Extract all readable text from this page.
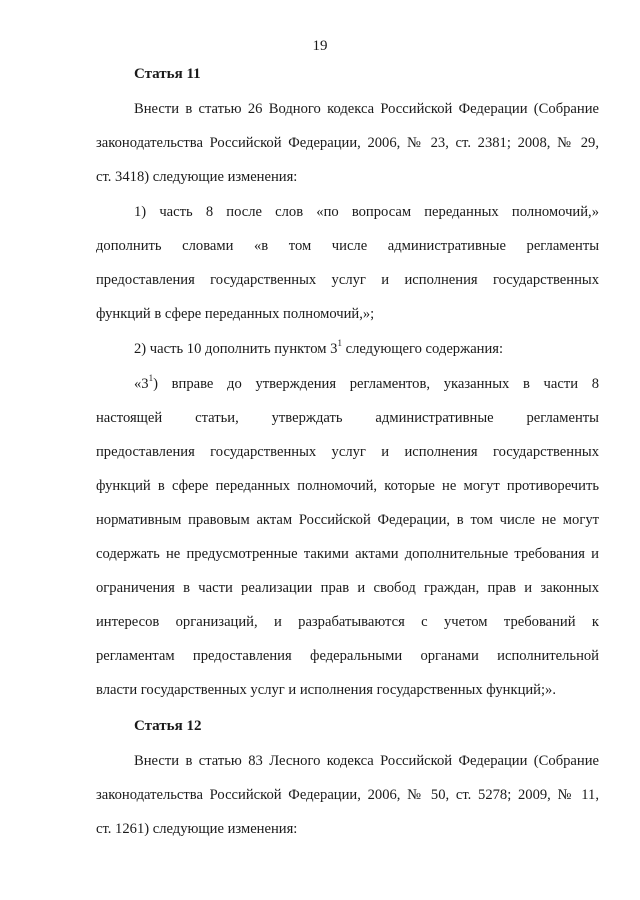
19
Статья 11
Внести в статью 26 Водного кодекса Российской Федерации (Собрание
законодательства Российской Федерации, 2006, № 23, ст. 2381; 2008, № 29,
ст. 3418) следующие изменения:
1) часть 8 после слов «по вопросам переданных полномочий,»
дополнить словами «в том числе административные регламенты
предоставления государственных услуг и исполнения государственных
функций в сфере переданных полномочий,»;
2) часть 10 дополнить пунктом $3^1$ следующего содержания:
«$3^1$) вправе до утверждения регламентов, указанных в части 8
настоящей статьи, утверждать административные регламенты
предоставления государственных услуг и исполнения государственных
функций в сфере переданных полномочий, которые не могут противоречить
нормативным правовым актам Российской Федерации, в том числе не могут
содержать не предусмотренные такими актами дополнительные требования и
ограничения в части реализации прав и свобод граждан, прав и законных
интересов организаций, и разрабатываются с учетом требований к
регламентам предоставления федеральными органами исполнительной
власти государственных услуг и исполнения государственных функций;».
Статья 12
Внести в статью 83 Лесного кодекса Российской Федерации (Собрание
законодательства Российской Федерации, 2006, № 50, ст. 5278; 2009, № 11,
ст. 1261) следующие изменения:
